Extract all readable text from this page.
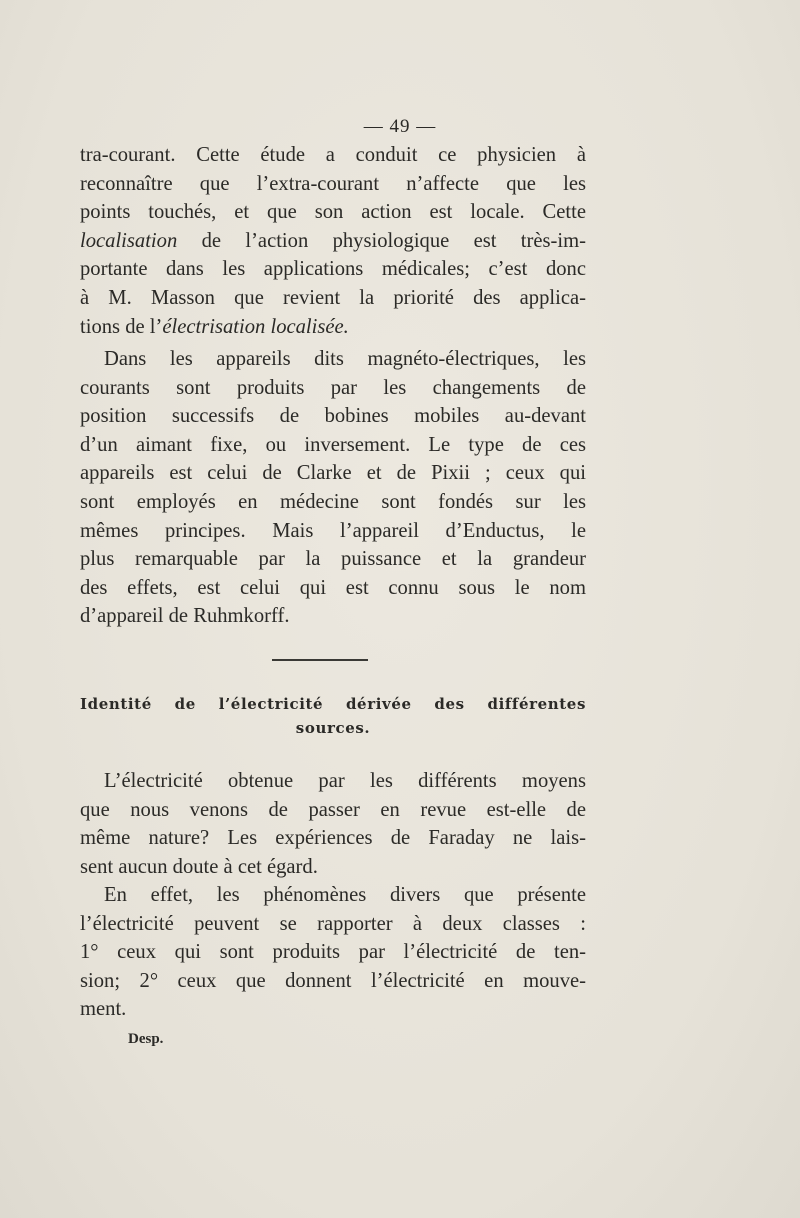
— 49 —
tra-courant. Cette étude a conduit ce physicien à
reconnaître que l’extra-courant n’affecte que les
points touchés, et que son action est locale. Cette
localisation de l’action physiologique est très-im-
portante dans les applications médicales; c’est donc
à M. Masson que revient la priorité des applica-
tions de l’électrisation localisée.
Dans les appareils dits magnéto-électriques, les
courants sont produits par les changements de
position successifs de bobines mobiles au-devant
d’un aimant fixe, ou inversement. Le type de ces
appareils est celui de Clarke et de Pixii ; ceux qui
sont employés en médecine sont fondés sur les
mêmes principes. Mais l’appareil d’Enductus, le
plus remarquable par la puissance et la grandeur
des effets, est celui qui est connu sous le nom
d’appareil de Ruhmkorff.
Identité de l’électricité dérivée des différentes
sources.
L’électricité obtenue par les différents moyens
que nous venons de passer en revue est-elle de
même nature? Les expériences de Faraday ne lais-
sent aucun doute à cet égard.
En effet, les phénomènes divers que présente
l’électricité peuvent se rapporter à deux classes :
1° ceux qui sont produits par l’électricité de ten-
sion; 2° ceux que donnent l’électricité en mouve-
ment.
Desp.
